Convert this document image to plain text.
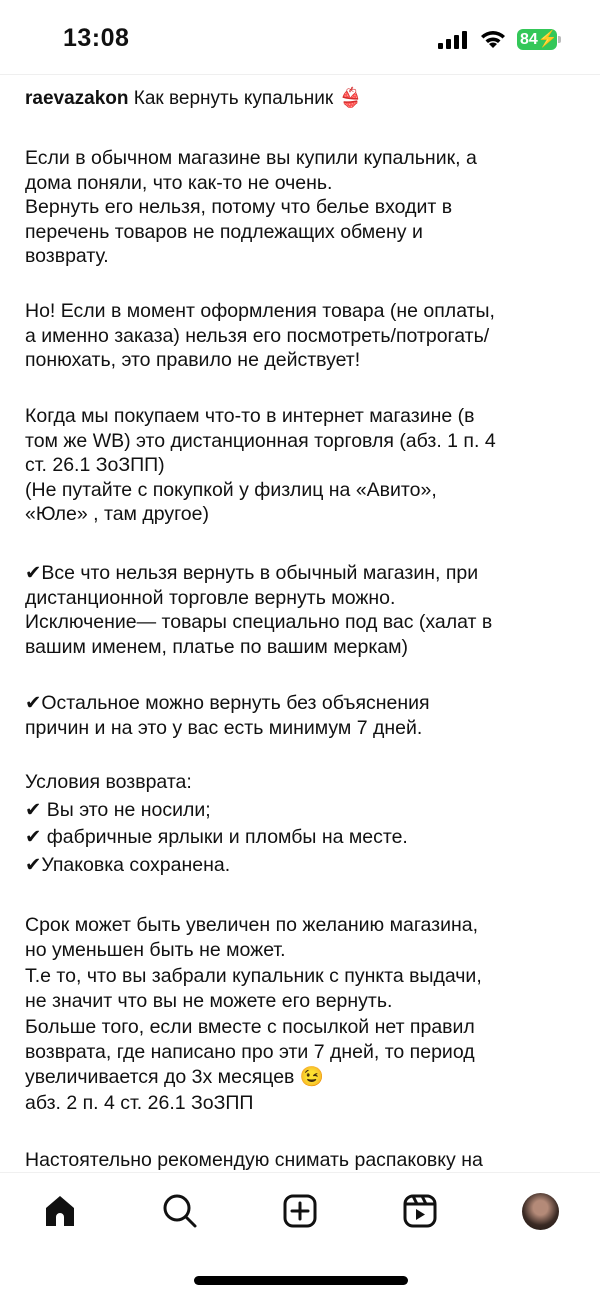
13:08	84⚡
raevazakon Как вернуть купальник 👙
Если в обычном магазине вы купили купальник, а
дома поняли, что как-то не очень.
Вернуть его нельзя, потому что белье входит в
перечень товаров не подлежащих обмену и
возврату.
Но! Если в момент оформления товара (не оплаты,
а именно заказа) нельзя его посмотреть/потрогать/
понюхать, это правило не действует!
Когда мы покупаем что-то в интернет магазине (в
том же WB) это дистанционная торговля (абз. 1 п. 4
ст. 26.1 ЗоЗПП)
(Не путайте с покупкой у физлиц на «Авито»,
«Юле» , там другое)
✔Все что нельзя вернуть в обычный магазин, при
дистанционной торговле вернуть можно.
Исключение— товары специально под вас (халат в
вашим именем, платье по вашим меркам)
✔Остальное можно вернуть без объяснения
причин и на это у вас есть минимум 7 дней.
Условия возврата:
✔ Вы это не носили;
✔ фабричные ярлыки и пломбы на месте.
✔Упаковка сохранена.
Срок может быть увеличен по желанию магазина,
но уменьшен быть не может.
Т.е то, что вы забрали купальник с пункта выдачи,
не значит что вы не можете его вернуть.
Больше того, если вместе с посылкой нет правил
возврата, где написано про эти 7 дней, то период
увеличивается до 3х месяцев 😉
абз. 2 п. 4 ст. 26.1 ЗоЗПП
Настоятельно рекомендую снимать распаковку на
